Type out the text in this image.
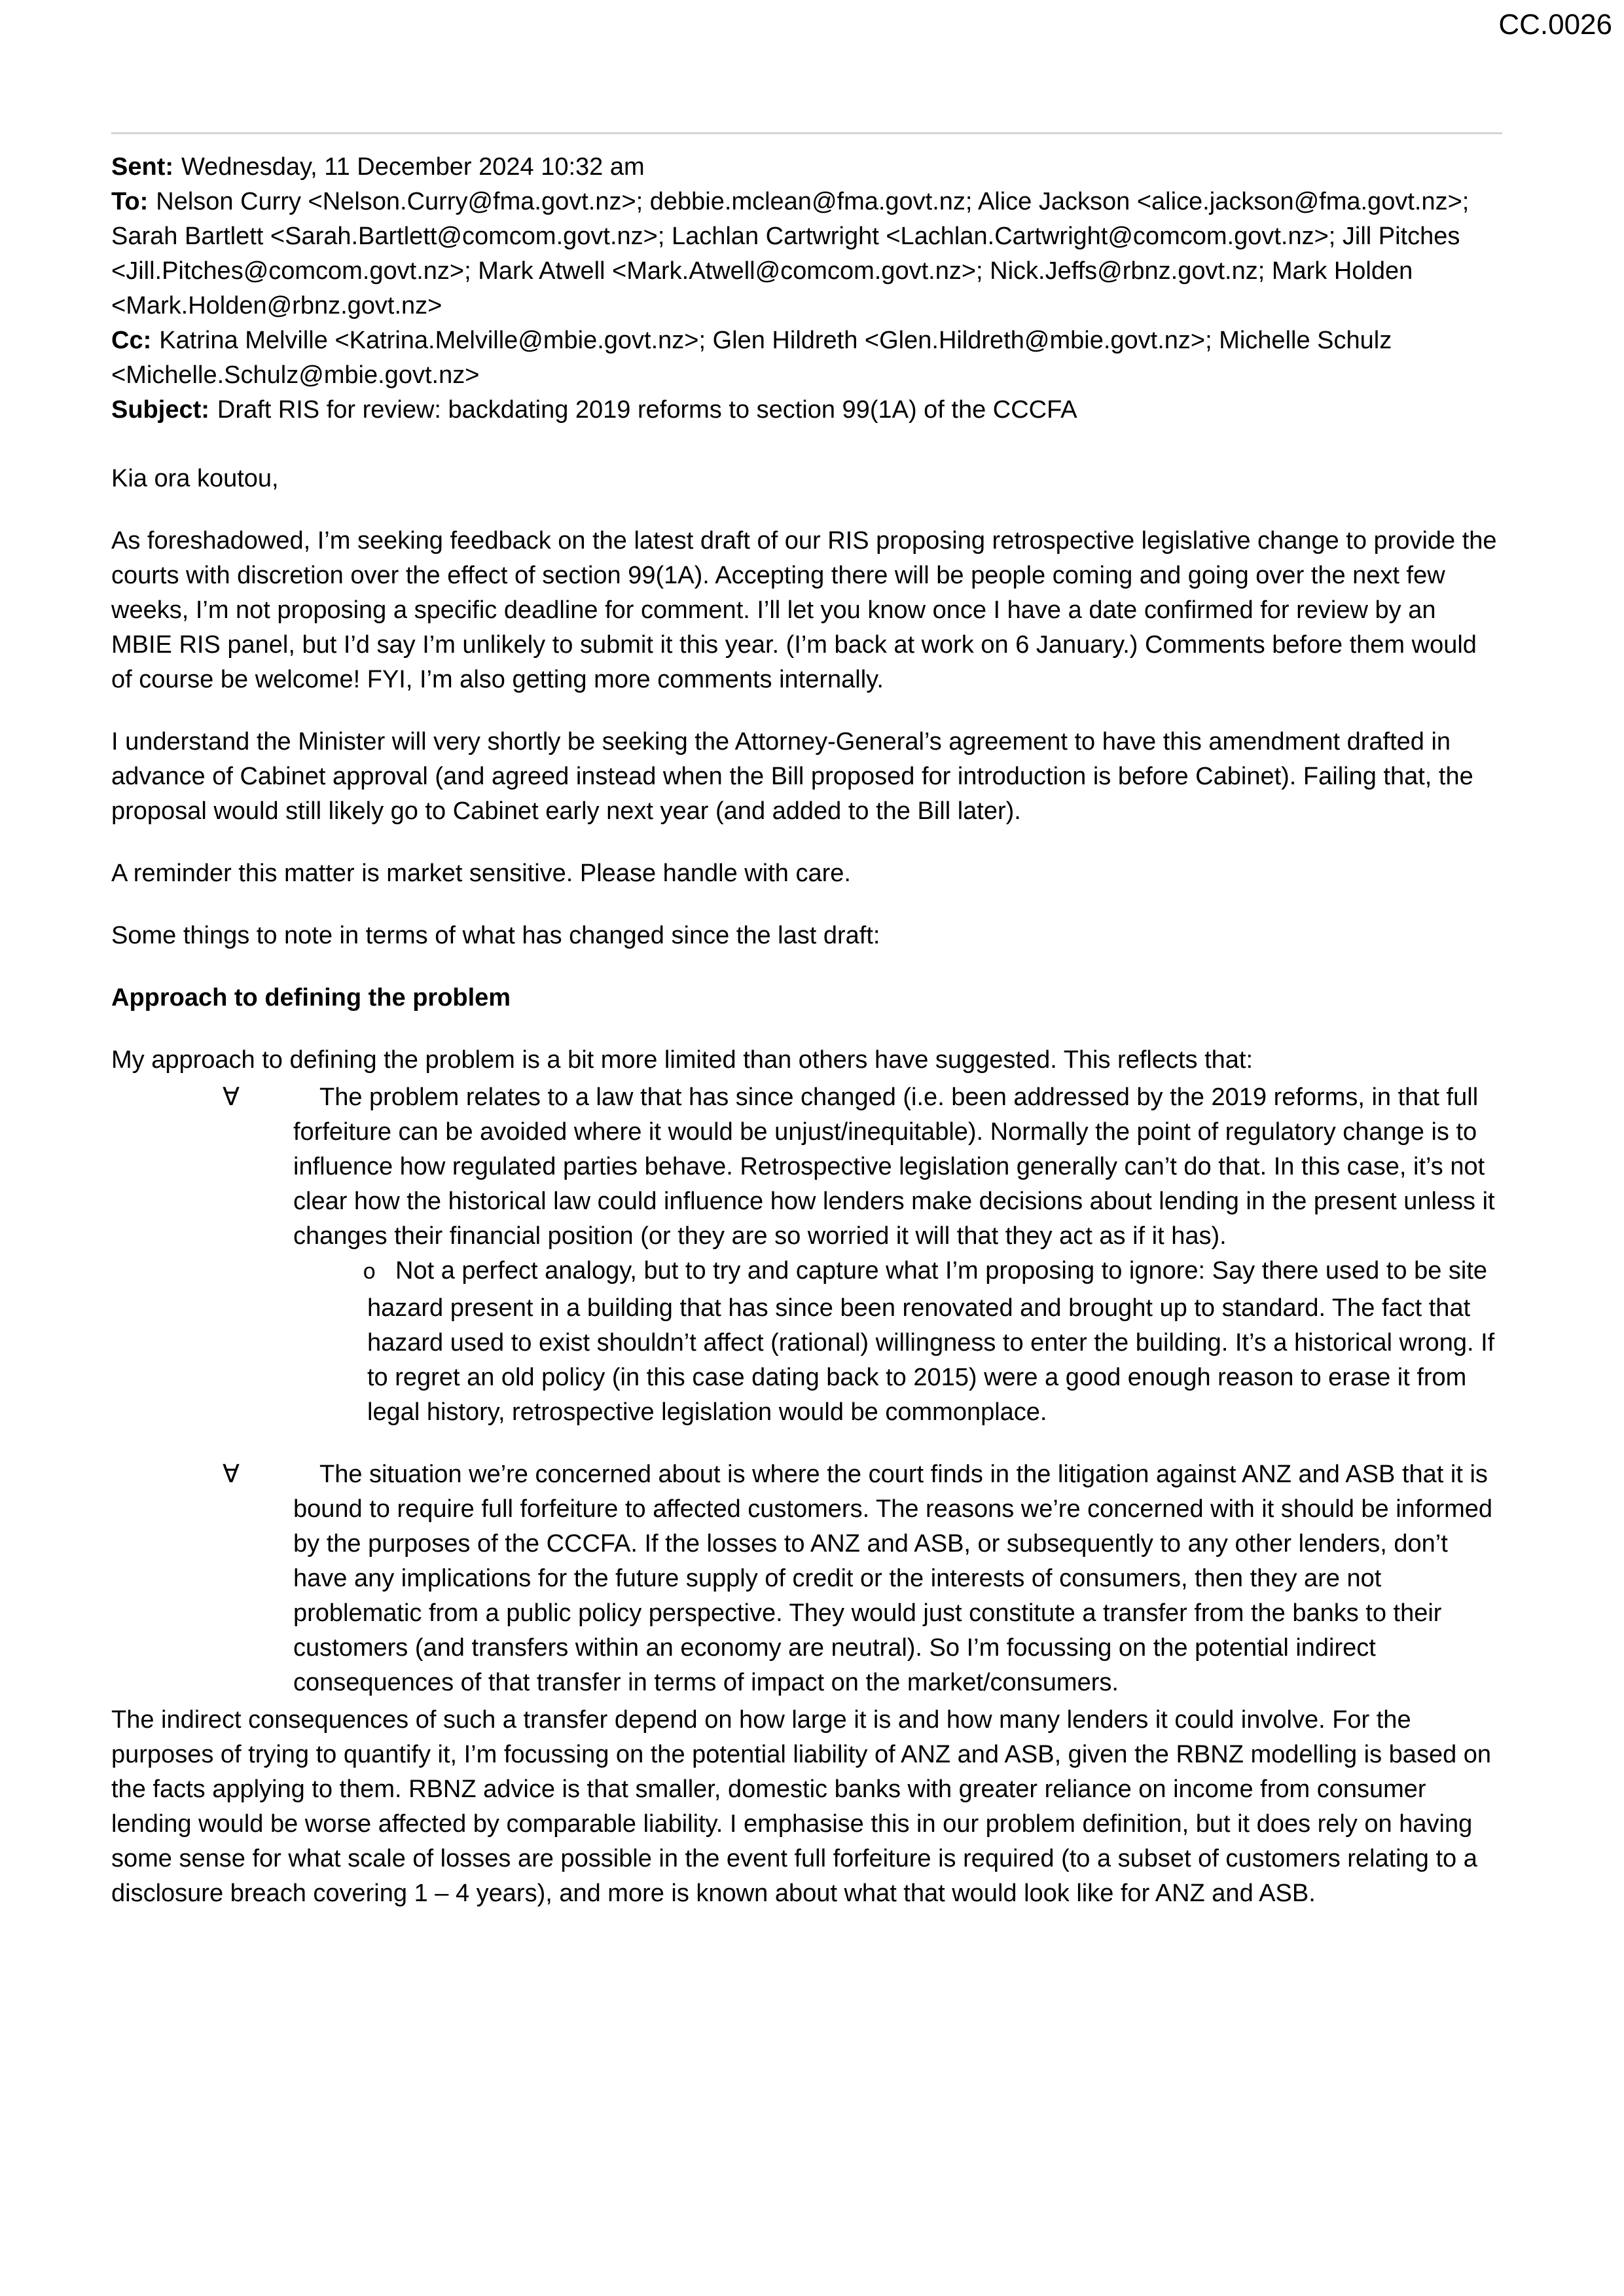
CC.0026

Sent: Wednesday, 11 December 2024 10:32 am

To: Nelson Curry <Nelson.Curry@fma.govt.nz>; debbie.mclean@fma.govt.nz; Alice Jackson <alice.jackson@fma.govt.nz>; Sarah Bartlett <Sarah.Bartlett@comcom.govt.nz>; Lachlan Cartwright <Lachlan.Cartwright@comcom.govt.nz>; Jill Pitches <Jill.Pitches@comcom.govt.nz>; Mark Atwell <Mark.Atwell@comcom.govt.nz>; Nick.Jeffs@rbnz.govt.nz; Mark Holden <Mark.Holden@rbnz.govt.nz>

Cc: Katrina Melville <Katrina.Melville@mbie.govt.nz>; Glen Hildreth <Glen.Hildreth@mbie.govt.nz>; Michelle Schulz <Michelle.Schulz@mbie.govt.nz>

Subject: Draft RIS for review: backdating 2019 reforms to section 99(1A) of the CCCFA

Kia ora koutou,

As foreshadowed, I’m seeking feedback on the latest draft of our RIS proposing retrospective legislative change to provide the courts with discretion over the effect of section 99(1A). Accepting there will be people coming and going over the next few weeks, I’m not proposing a specific deadline for comment. I’ll let you know once I have a date confirmed for review by an MBIE RIS panel, but I’d say I’m unlikely to submit it this year. (I’m back at work on 6 January.) Comments before them would of course be welcome! FYI, I’m also getting more comments internally.

I understand the Minister will very shortly be seeking the Attorney-General’s agreement to have this amendment drafted in advance of Cabinet approval (and agreed instead when the Bill proposed for introduction is before Cabinet). Failing that, the proposal would still likely go to Cabinet early next year (and added to the Bill later).

A reminder this matter is market sensitive. Please handle with care.

Some things to note in terms of what has changed since the last draft:

Approach to defining the problem

My approach to defining the problem is a bit more limited than others have suggested. This reflects that:

∀	The problem relates to a law that has since changed (i.e. been addressed by the 2019 reforms, in that full forfeiture can be avoided where it would be unjust/inequitable). Normally the point of regulatory change is to influence how regulated parties behave. Retrospective legislation generally can’t do that. In this case, it’s not clear how the historical law could influence how lenders make decisions about lending in the present unless it changes their financial position (or they are so worried it will that they act as if it has).

o Not a perfect analogy, but to try and capture what I’m proposing to ignore: Say there used to be site hazard present in a building that has since been renovated and brought up to standard. The fact that hazard used to exist shouldn’t affect (rational) willingness to enter the building. It’s a historical wrong. If to regret an old policy (in this case dating back to 2015) were a good enough reason to erase it from legal history, retrospective legislation would be commonplace.

∀	The situation we’re concerned about is where the court finds in the litigation against ANZ and ASB that it is bound to require full forfeiture to affected customers. The reasons we’re concerned with it should be informed by the purposes of the CCCFA. If the losses to ANZ and ASB, or subsequently to any other lenders, don’t have any implications for the future supply of credit or the interests of consumers, then they are not problematic from a public policy perspective. They would just constitute a transfer from the banks to their customers (and transfers within an economy are neutral). So I’m focussing on the potential indirect consequences of that transfer in terms of impact on the market/consumers.

The indirect consequences of such a transfer depend on how large it is and how many lenders it could involve. For the purposes of trying to quantify it, I’m focussing on the potential liability of ANZ and ASB, given the RBNZ modelling is based on the facts applying to them. RBNZ advice is that smaller, domestic banks with greater reliance on income from consumer lending would be worse affected by comparable liability. I emphasise this in our problem definition, but it does rely on having some sense for what scale of losses are possible in the event full forfeiture is required (to a subset of customers relating to a disclosure breach covering 1 – 4 years), and more is known about what that would look like for ANZ and ASB.
